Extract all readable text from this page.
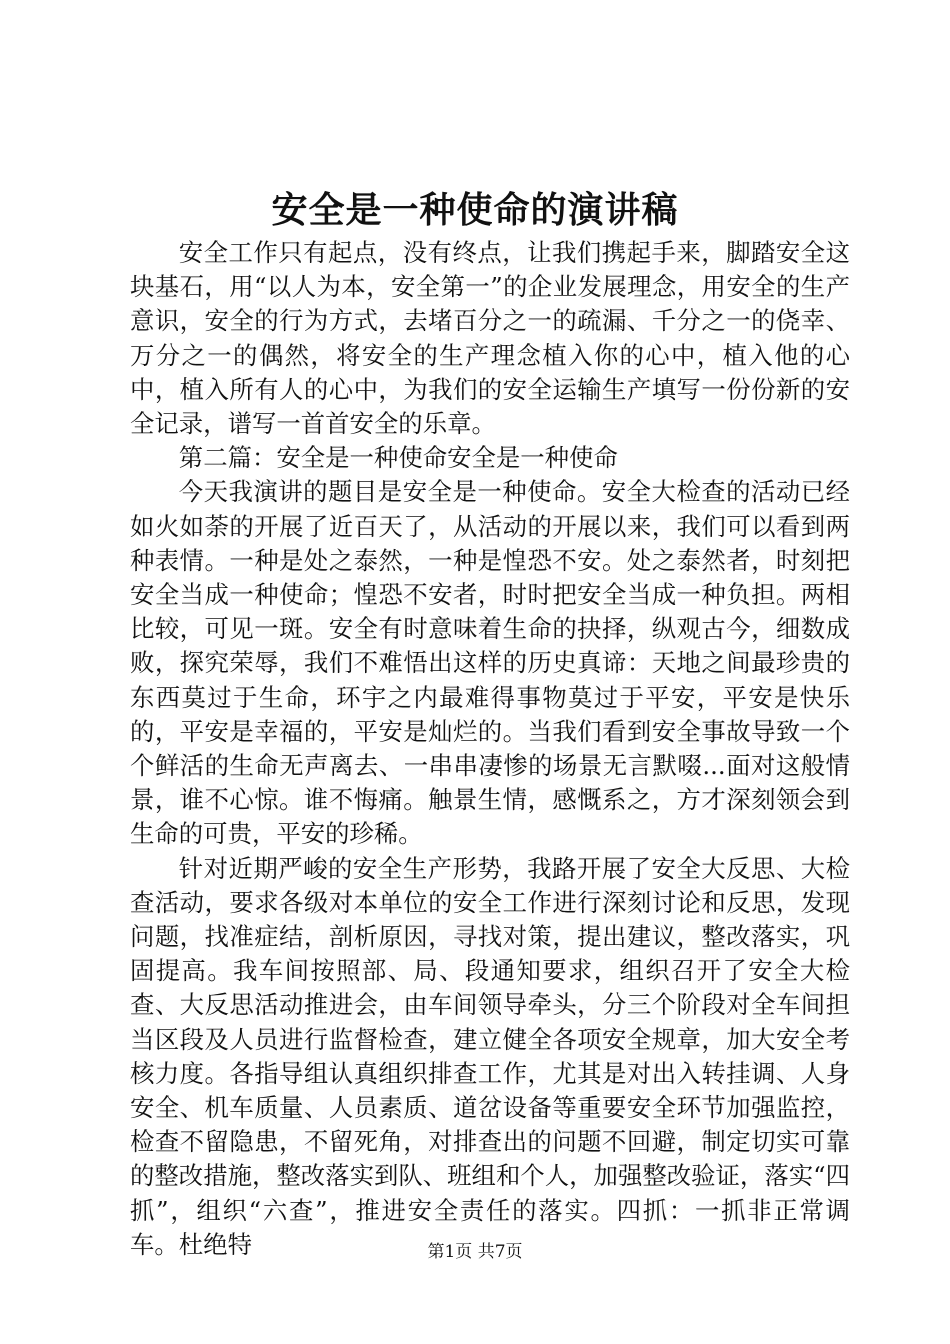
安全是一种使命的演讲稿

安全工作只有起点，没有终点，让我们携起手来，脚踏安全这块基石，用“以人为本，安全第一”的企业发展理念，用安全的生产意识，安全的行为方式，去堵百分之一的疏漏、千分之一的侥幸、万分之一的偶然，将安全的生产理念植入你的心中，植入他的心中，植入所有人的心中，为我们的安全运输生产填写一份份新的安全记录，谱写一首首安全的乐章。

第二篇：安全是一种使命安全是一种使命

今天我演讲的题目是安全是一种使命。安全大检查的活动已经如火如荼的开展了近百天了，从活动的开展以来，我们可以看到两种表情。一种是处之泰然，一种是惶恐不安。处之泰然者，时刻把安全当成一种使命；惶恐不安者，时时把安全当成一种负担。两相比较，可见一斑。安全有时意味着生命的抉择，纵观古今，细数成败，探究荣辱，我们不难悟出这样的历史真谛：天地之间最珍贵的东西莫过于生命，环宇之内最难得事物莫过于平安，平安是快乐的，平安是幸福的，平安是灿烂的。当我们看到安全事故导致一个个鲜活的生命无声离去、一串串凄惨的场景无言默啜...面对这般情景，谁不心惊。谁不悔痛。触景生情，感慨系之，方才深刻领会到生命的可贵，平安的珍稀。

针对近期严峻的安全生产形势，我路开展了安全大反思、大检查活动，要求各级对本单位的安全工作进行深刻讨论和反思，发现问题，找准症结，剖析原因，寻找对策，提出建议，整改落实，巩固提高。我车间按照部、局、段通知要求，组织召开了安全大检查、大反思活动推进会，由车间领导牵头，分三个阶段对全车间担当区段及人员进行监督检查，建立健全各项安全规章，加大安全考核力度。各指导组认真组织排查工作，尤其是对出入转挂调、人身安全、机车质量、人员素质、道岔设备等重要安全环节加强监控，检查不留隐患，不留死角，对排查出的问题不回避，制定切实可靠的整改措施，整改落实到队、班组和个人，加强整改验证，落实“四抓”，组织“六查”，推进安全责任的落实。四抓：一抓非正常调车。杜绝特	第1页 共7页
